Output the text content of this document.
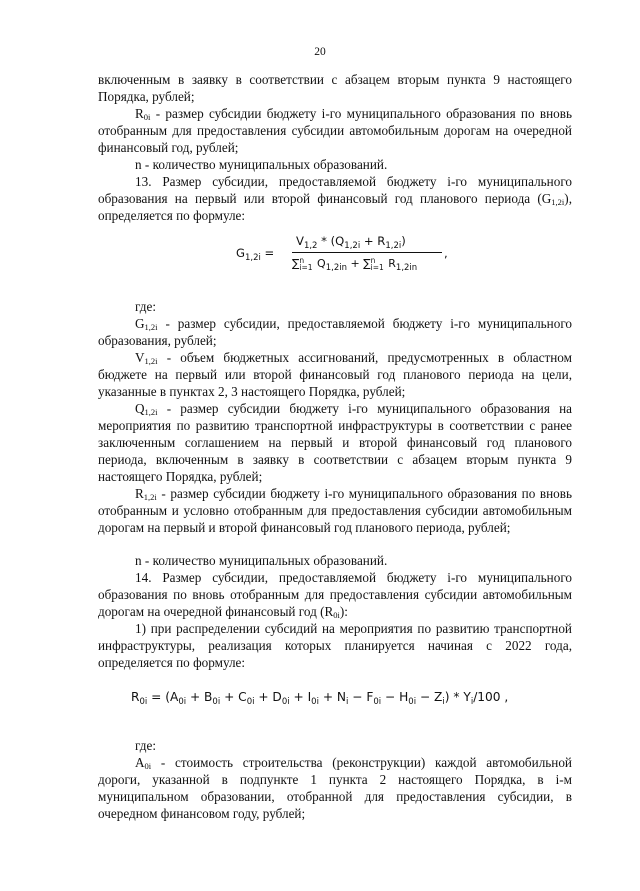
20
включенным в заявку в соответствии с абзацем вторым пункта 9 настоящего Порядка, рублей;
$R_{0i}$ - размер субсидии бюджету i-го муниципального образования по вновь отобранным для предоставления субсидии автомобильным дорогам на очередной финансовый год, рублей;
n - количество муниципальных образований.
13. Размер субсидии, предоставляемой бюджету i-го муниципального образования на первый или второй финансовый год планового периода $(G_{1,2i})$, определяется по формуле:
$G_{1,2i}$ =
$V_{1,2} * (Q_{1,2i} + R_{1,2i})$
∑ n
i=1 $Q_{1,2in}$ + ∑ n
i=1 $R_{1,2in}$
,
где:
$G_{1,2i}$ - размер субсидии, предоставляемой бюджету i-го муниципального образования, рублей;
$V_{1,2i}$ - объем бюджетных ассигнований, предусмотренных в областном бюджете на первый или второй финансовый год планового периода на цели, указанные в пунктах 2, 3 настоящего Порядка, рублей;
$Q_{1,2i}$ - размер субсидии бюджету i-го муниципального образования на мероприятия по развитию транспортной инфраструктуры в соответствии с ранее заключенным соглашением на первый и второй финансовый год планового периода, включенным в заявку в соответствии с абзацем вторым пункта 9 настоящего Порядка, рублей;
$R_{1,2i}$ - размер субсидии бюджету i-го муниципального образования по вновь отобранным и условно отобранным для предоставления субсидии автомобильным дорогам на первый и второй финансовый год планового периода, рублей;
n - количество муниципальных образований.
14. Размер субсидии, предоставляемой бюджету i-го муниципального образования по вновь отобранным для предоставления субсидии автомобильным дорогам на очередной финансовый год $(R_{0i})$:
1) при распределении субсидий на мероприятия по развитию транспортной инфраструктуры, реализация которых планируется начиная с 2022 года, определяется по формуле:
$R_{0i} = (A_{0i} + B_{0i} + C_{0i} + D_{0i} + I_{0i} + N_i - F_{0i} - H_{0i} - Z_i) * Y_i/100$ ,
где:
$A_{0i}$ - стоимость строительства (реконструкции) каждой автомобильной дороги, указанной в подпункте 1 пункта 2 настоящего Порядка, в i-м муниципальном образовании, отобранной для предоставления субсидии, в очередном финансовом году, рублей;
